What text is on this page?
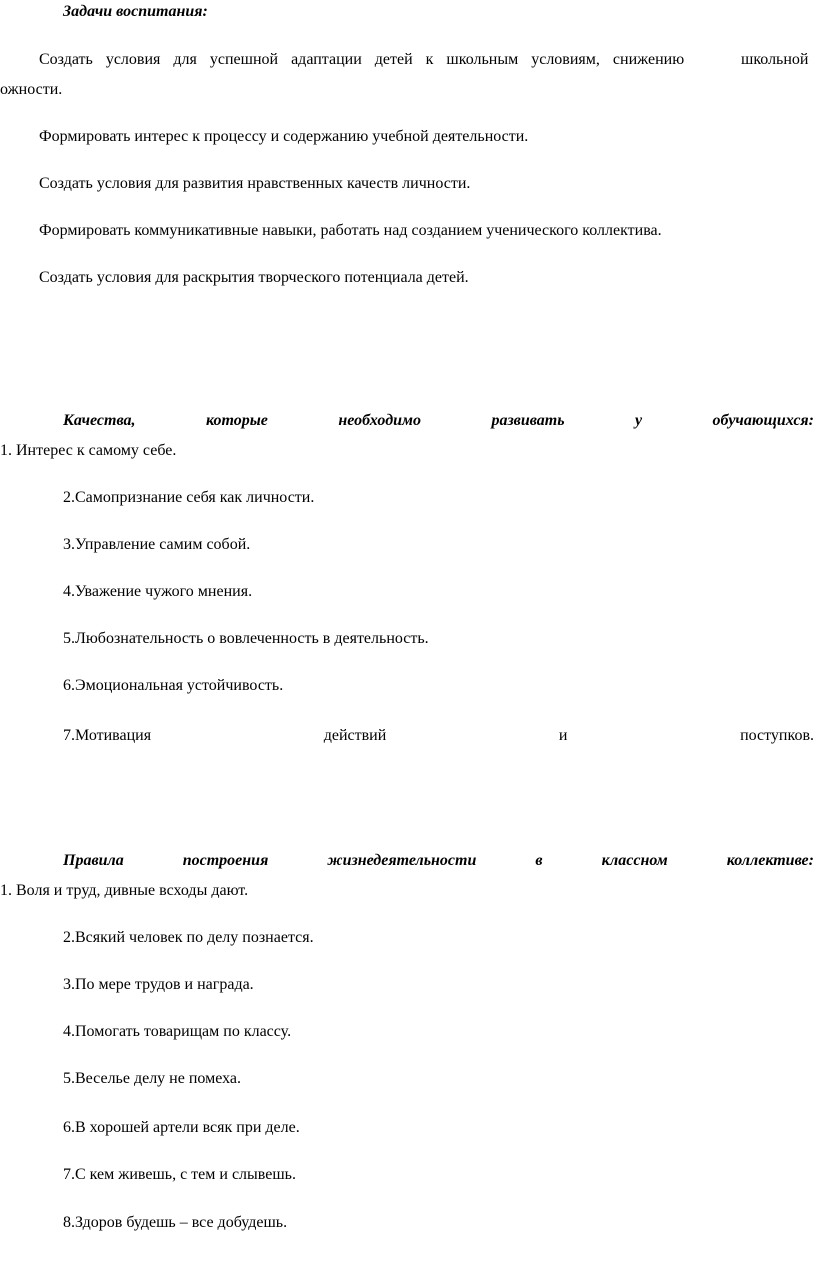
Задачи воспитания:
Создать условия для успешной адаптации детей к школьным условиям, снижению	школьной
ожности.
Формировать интерес к процессу и содержанию учебной деятельности.
Создать условия для развития нравственных качеств личности.
Формировать коммуникативные навыки, работать над созданием ученического коллектива.
Создать условия для раскрытия творческого потенциала детей.
Качества,	которые	необходимо	развивать	у	обучающихся:
1. Интерес к самому себе.
2.Самопризнание себя как личности.
3.Управление самим собой.
4.Уважение чужого мнения.
5.Любознательность о вовлеченность в деятельность.
6.Эмоциональная устойчивость.
7.Мотивация	действий	и	поступков.
Правила	построения	жизнедеятельности	в	классном	коллективе:
1. Воля и труд, дивные всходы дают.
2.Всякий человек по делу познается.
3.По мере трудов и награда.
4.Помогать товарищам по классу.
5.Веселье делу не помеха.
6.В хорошей артели всяк при деле.
7.С кем живешь, с тем и слывешь.
8.Здоров будешь – все добудешь.
